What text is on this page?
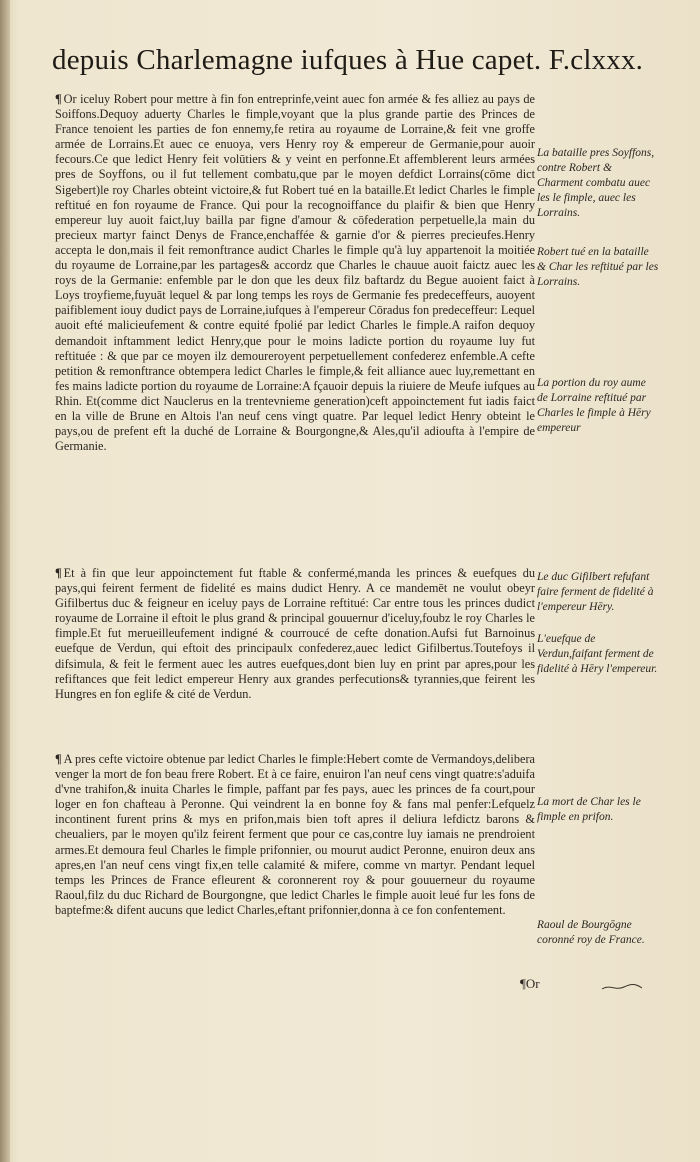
depuis Charlemagne iufques à Hue capet. F.clxxx.
¶ Or iceluy Robert pour mettre à fin fon entreprinfe,veint auec fon armée & fes alliez au pays de Soiffons.Dequoy aduerty Charles le fimple,voyant que la plus grande partie des Princes de France tenoient les parties de fon ennemy,fe retira au royaume de Lorraine,& feit vne groffe armée de Lorrains.Et auec ce enuoya, vers Henry roy & empereur de Germanie,pour auoir fecours.Ce que ledict Henry feit volūtiers & y veint en perfonne.Et affemblerent leurs armées pres de Soyffons, ou il fut tellement combatu,que par le moyen defdict Lorrains(cōme dict Sigebert)le roy Charles obteint victoire,& fut Robert tué en la bataille.Et ledict Charles le fimple reftitué en fon royaume de France. Qui pour la recognoiffance du plaifir & bien que Henry empereur luy auoit faict,luy bailla par figne d'amour & cōfederation perpetuelle,la main du precieux martyr fainct Denys de France,enchaffée & garnie d'or & pierres precieufes.Henry accepta le don,mais il feit remonftrance audict Charles le fimple qu'à luy appartenoit la moitiée du royaume de Lorraine,par les partages& accordz que Charles le chauue auoit faictz auec les roys de la Germanie: enfemble par le don que les deux filz baftardz du Begue auoient faict à Loys troyfieme,fuyuāt lequel & par long temps les roys de Germanie fes predeceffeurs, auoyent paifiblement iouy dudict pays de Lorraine,iufques à l'empereur Cōradus fon predeceffeur: Lequel auoit efté malicieufement & contre equité fpolié par ledict Charles le fimple.A raifon dequoy demandoit inftamment ledict Henry,que pour le moins ladicte portion du royaume luy fut reftituée : & que par ce moyen ilz demoureroyent perpetuellement confederez enfemble.A cefte petition & remonftrance obtempera ledict Charles le fimple,& feit alliance auec luy,remettant en fes mains ladicte portion du royaume de Lorraine:A fçauoir depuis la riuiere de Meufe iufques au Rhin. Et(comme dict Nauclerus en la trentevnieme generation)ceft appoinctement fut iadis faict en la ville de Brune en Altois l'an neuf cens vingt quatre. Par lequel ledict Henry obteint le pays,ou de prefent eft la duché de Lorraine & Bourgongne,& Ales,qu'il adioufta à l'empire de Germanie.
¶ Et à fin que leur appoinctement fut ftable & confermé,manda les princes & euefques du pays,qui feirent ferment de fidelité es mains dudict Henry. A ce mandemēt ne voulut obeyr Gifilbertus duc & feigneur en iceluy pays de Lorraine reftitué: Car entre tous les princes dudict royaume de Lorraine il eftoit le plus grand & principal gouuernur d'iceluy,foubz le roy Charles le fimple.Et fut merueilleufement indigné & courroucé de cefte donation.Aufsi fut Barnoinus euefque de Verdun, qui eftoit des principaulx confederez,auec ledict Gifilbertus.Toutefoys il difsimula, & feit le ferment auec les autres euefques,dont bien luy en print par apres,pour les refiftances que feit ledict empereur Henry aux grandes perfecutions& tyrannies,que feirent les Hungres en fon eglife & cité de Verdun.
¶ A pres cefte victoire obtenue par ledict Charles le fimple:Hebert comte de Vermandoys,delibera venger la mort de fon beau frere Robert. Et à ce faire, enuiron l'an neuf cens vingt quatre:s'aduifa d'vne trahifon,& inuita Charles le fimple, paffant par fes pays, auec les princes de fa court,pour loger en fon chafteau à Peronne. Qui veindrent la en bonne foy & fans mal penfer:Lefquelz incontinent furent prins & mys en prifon,mais bien toft apres il deliura lefdictz barons & cheualiers, par le moyen qu'ilz feirent ferment que pour ce cas,contre luy iamais ne prendroient armes.Et demoura feul Charles le fimple prifonnier, ou mourut audict Peronne, enuiron deux ans apres,en l'an neuf cens vingt fix,en telle calamité & mifere, comme vn martyr. Pendant lequel temps les Princes de France efleurent & coronnerent roy & pour gouuerneur du royaume Raoul,filz du duc Richard de Bourgongne, que ledict Charles le fimple auoit leué fur les fons de baptefme:& difent aucuns que ledict Charles,eftant prifonnier,donna à ce fon confentement.
La bataille pres Soyffons, contre Robert & Charment combatu auec les le fimple, auec les Lorrains.
Robert tué en la bataille & Char les reftitué par les Lorrains.
La portion du roy aume de Lorraine reftitué par Charles le fimple à Hēry empereur
Le duc Gifilbert refufant faire ferment de fidelité à l'empereur Hēry.
L'euefque de Verdun,faifant ferment de fidelité à Hēry l'empereur.
La mort de Char les le fimple en prifon.
Raoul de Bourgōgne coronné roy de France.
¶Or
